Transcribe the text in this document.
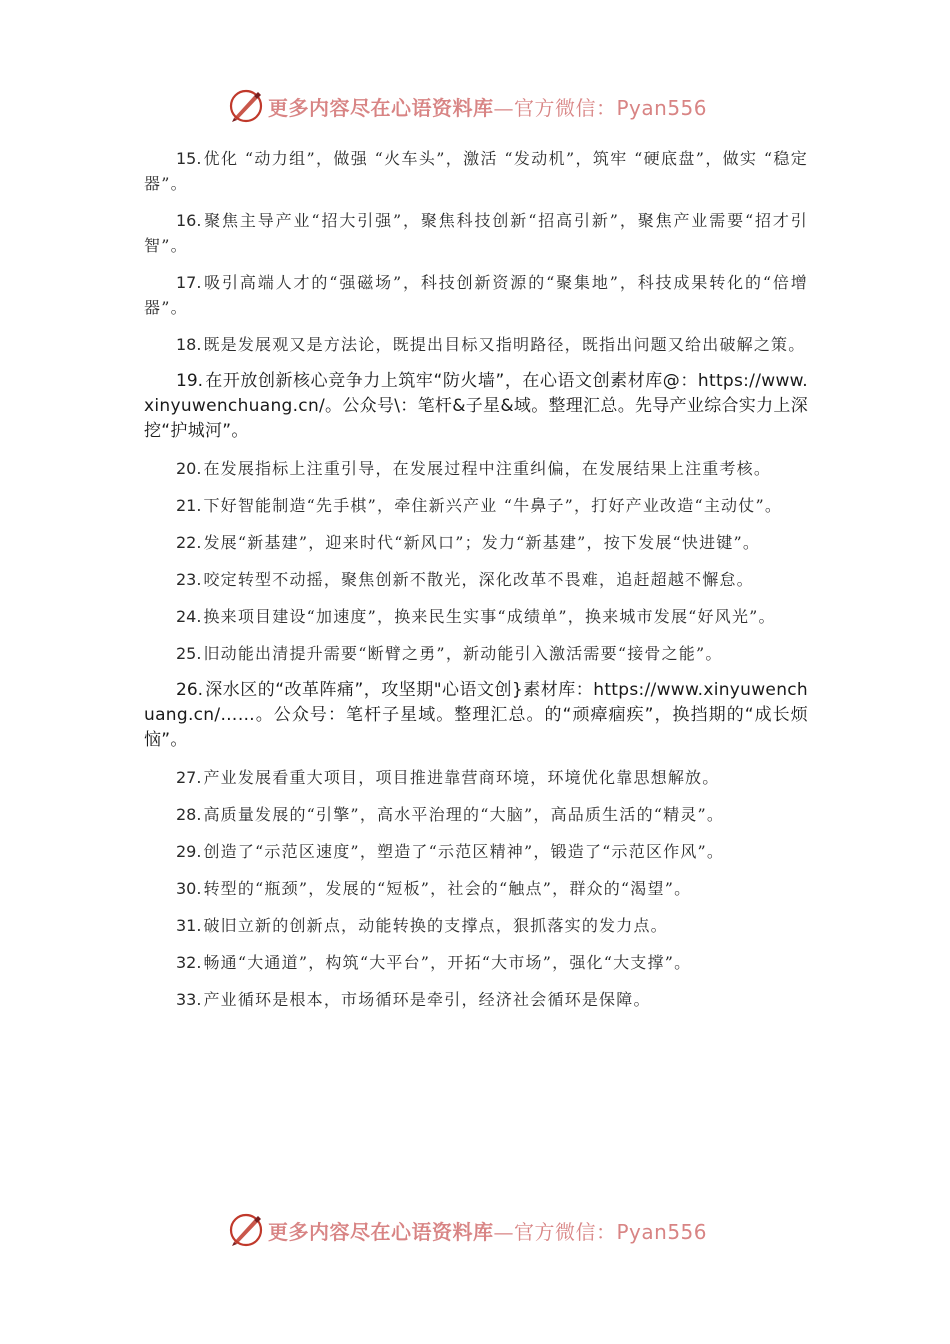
更多内容尽在心语资料库—官方微信：Pyan556

15. 优化 “动力组”，做强 “火车头”，激活 “发动机”，筑牢 “硬底盘”，做实 “稳定器”。

16. 聚焦主导产业“招大引强”，聚焦科技创新“招高引新”，聚焦产业需要“招才引智”。

17. 吸引高端人才的“强磁场”，科技创新资源的“聚集地”，科技成果转化的“倍增器”。

18. 既是发展观又是方法论，既提出目标又指明路径，既指出问题又给出破解之策。

19. 在开放创新核心竞争力上筑牢“防火墙”，在心语文创素材库@：https://www.xinyuwenchuang.cn/。公众号\：笔杆&子星&域。整理汇总。先导产业综合实力上深挖“护城河”。

20. 在发展指标上注重引导，在发展过程中注重纠偏，在发展结果上注重考核。

21. 下好智能制造“先手棋”，牵住新兴产业 “牛鼻子”，打好产业改造“主动仗”。

22. 发展“新基建”，迎来时代“新风口”；发力“新基建”，按下发展“快进键”。

23. 咬定转型不动摇，聚焦创新不散光，深化改革不畏难，追赶超越不懈怠。

24. 换来项目建设“加速度”，换来民生实事“成绩单”，换来城市发展“好风光”。

25. 旧动能出清提升需要“断臂之勇”，新动能引入激活需要“接骨之能”。

26. 深水区的“改革阵痛”，攻坚期"心语文创}素材库：https://www.xinyuwenchuang.cn/……。公众号：笔杆子星域。整理汇总。的“顽瘴痼疾”，换挡期的“成长烦恼”。

27. 产业发展看重大项目，项目推进靠营商环境，环境优化靠思想解放。

28. 高质量发展的“引擎”，高水平治理的“大脑”，高品质生活的“精灵”。

29. 创造了“示范区速度”，塑造了“示范区精神”，锻造了“示范区作风”。

30. 转型的“瓶颈”，发展的“短板”，社会的“触点”，群众的“渴望”。

31. 破旧立新的创新点，动能转换的支撑点，狠抓落实的发力点。

32. 畅通“大通道”，构筑“大平台”，开拓“大市场”，强化“大支撑”。

33. 产业循环是根本，市场循环是牵引，经济社会循环是保障。

更多内容尽在心语资料库—官方微信：Pyan556
